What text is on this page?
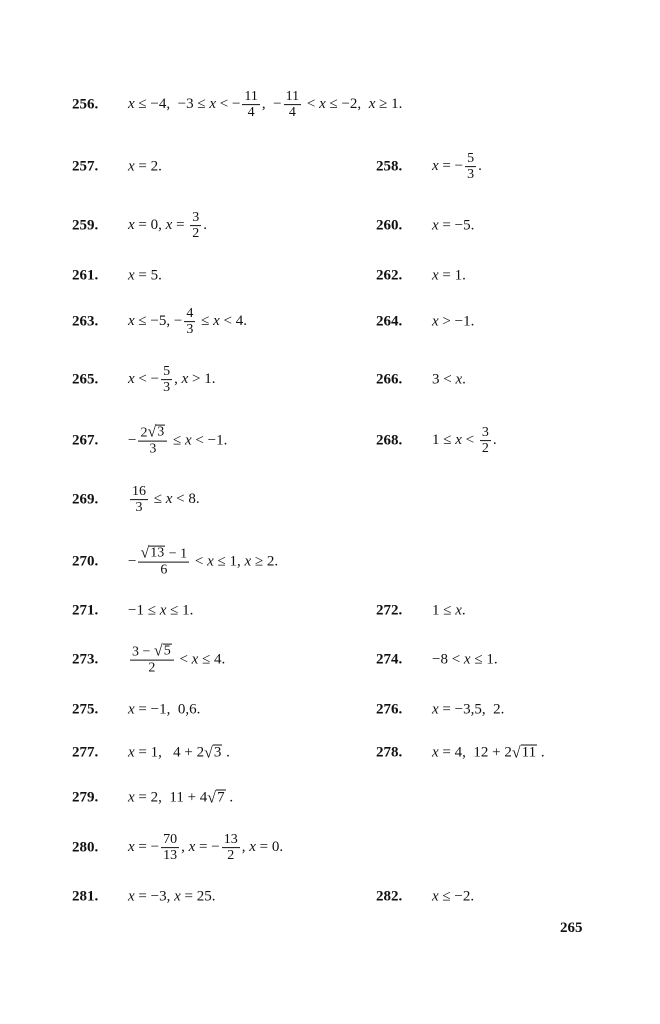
256. x ≤ −4,  −3 ≤ x < − $\frac{11}{4}$ ,  − $\frac{11}{4} < x \le -2$, x ≥ 1.
257. x = 2.	258. x = − $\frac{5}{3}$ .
259. x = 0, $x = \frac{3}{2}$ .	260. x = −5.
261. x = 5.	262. x = 1.
263. x ≤ −5, − $\frac{4}{3} \le x < 4$.	264. x > −1.
265. x < − $\frac{5}{3}$ , x > 1.	266. 3 < x .
267. − $\frac{2 √ 3}{3} \le x < -1$.	268. $1 \le x < \frac{3}{2}$ .
269. $\frac{16}{3} \le x < 8$.
270. − $\frac{√ 13 - 1}{6} < x \le 1$, x ≥ 2.
271. −1 ≤ x ≤ 1.	272. 1 ≤ x .
273. $\frac{3 - √ 5}{2} < x \le 4$.	274. −8 < x ≤ 1.
275. x = −1,  0,6.	276. x = −3,5,  2.
277. x = 1,   4 + 2 √ 3 .	278. x = 4,  12 + 2 √ 11 .
279. x = 2,  11 + 4 √ 7 .
280. x = − $\frac{70}{13}$ , x = − $\frac{13}{2}$ , x = 0.
281. x = −3, x = 25.	282. x ≤ −2.
265
